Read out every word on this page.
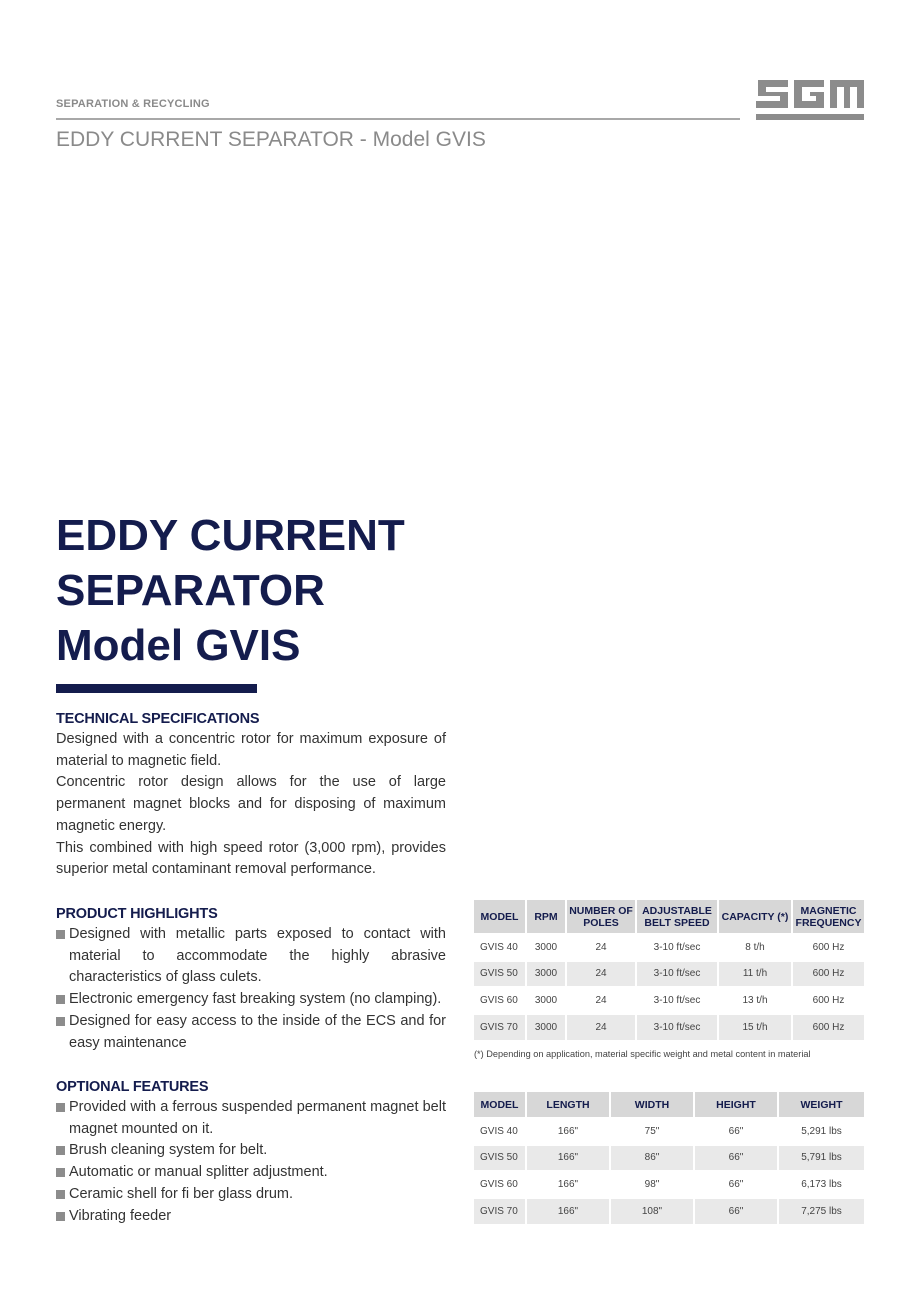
SEPARATION & RECYCLING
EDDY CURRENT SEPARATOR - Model GVIS
EDDY CURRENT
SEPARATOR
Model GVIS
TECHNICAL SPECIFICATIONS

Designed with a concentric rotor for maximum exposure of material to magnetic field.

Concentric rotor design allows for the use of large permanent magnet blocks and for disposing of maximum magnetic energy.

This combined with high speed rotor (3,000 rpm), provides superior metal contaminant removal performance.

PRODUCT HIGHLIGHTS
Designed with metallic parts exposed to contact with material to accommodate the highly abrasive characteristics of glass culets.
Electronic emergency fast breaking system (no clamping).
Designed for easy access to the inside of the ECS and for easy maintenance
OPTIONAL FEATURES
Provided with a ferrous suspended permanent magnet belt magnet mounted on it.
Brush cleaning system for belt.
Automatic or manual splitter adjustment.
Ceramic shell for fi ber glass drum.
Vibrating feeder
MODEL	RPM	NUMBER OF POLES	ADJUSTABLE BELT SPEED	CAPACITY (*)	MAGNETIC FREQUENCY
GVIS 40	3000	24	3-10 ft/sec	8 t/h	600 Hz
GVIS 50	3000	24	3-10 ft/sec	11 t/h	600 Hz
GVIS 60	3000	24	3-10 ft/sec	13 t/h	600 Hz
GVIS 70	3000	24	3-10 ft/sec	15 t/h	600 Hz
(*) Depending on application, material specific weight and metal content in material
MODEL	LENGTH	WIDTH	HEIGHT	WEIGHT
GVIS 40	166"	75"	66"	5,291 lbs
GVIS 50	166"	86"	66"	5,791 lbs
GVIS 60	166"	98"	66"	6,173 lbs
GVIS 70	166"	108"	66"	7,275 lbs
